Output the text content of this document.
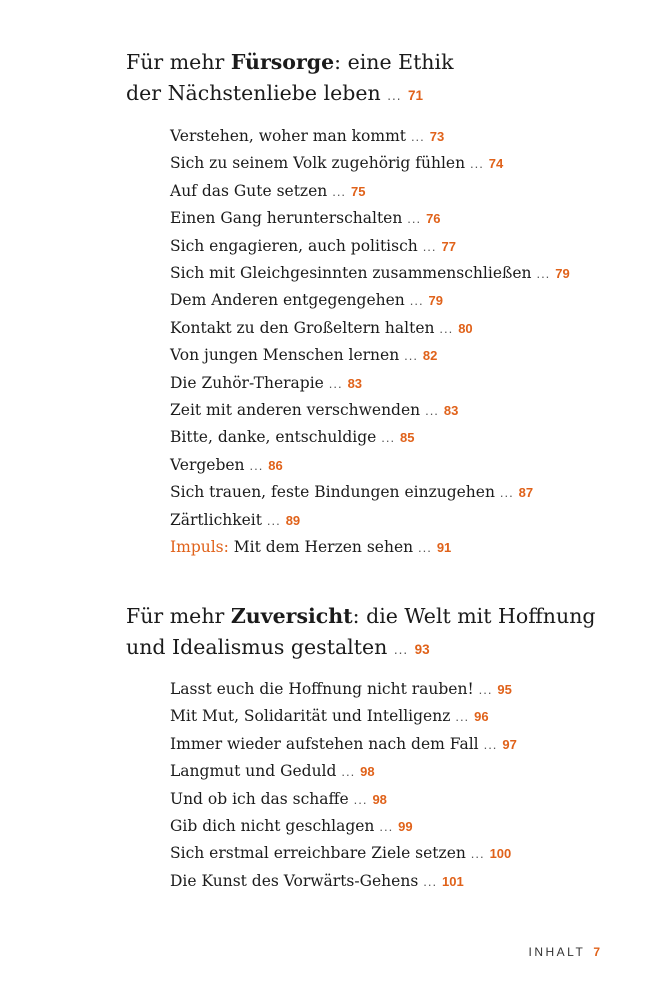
Für mehr Fürsorge: eine Ethik
der Nächstenliebe leben ... 71
Verstehen, woher man kommt ... 73
Sich zu seinem Volk zugehörig fühlen ... 74
Auf das Gute setzen ... 75
Einen Gang herunterschalten ... 76
Sich engagieren, auch politisch ... 77
Sich mit Gleichgesinnten zusammenschließen ... 79
Dem Anderen entgegengehen ... 79
Kontakt zu den Großeltern halten ... 80
Von jungen Menschen lernen ... 82
Die Zuhör-Therapie ... 83
Zeit mit anderen verschwenden ... 83
Bitte, danke, entschuldige ... 85
Vergeben ... 86
Sich trauen, feste Bindungen einzugehen ... 87
Zärtlichkeit ... 89
Impuls: Mit dem Herzen sehen ... 91
Für mehr Zuversicht: die Welt mit Hoffnung
und Idealismus gestalten ... 93
Lasst euch die Hoffnung nicht rauben! ... 95
Mit Mut, Solidarität und Intelligenz ... 96
Immer wieder aufstehen nach dem Fall ... 97
Langmut und Geduld ... 98
Und ob ich das schaffe ... 98
Gib dich nicht geschlagen ... 99
Sich erstmal erreichbare Ziele setzen ... 100
Die Kunst des Vorwärts-Gehens ... 101
INHALT 7
